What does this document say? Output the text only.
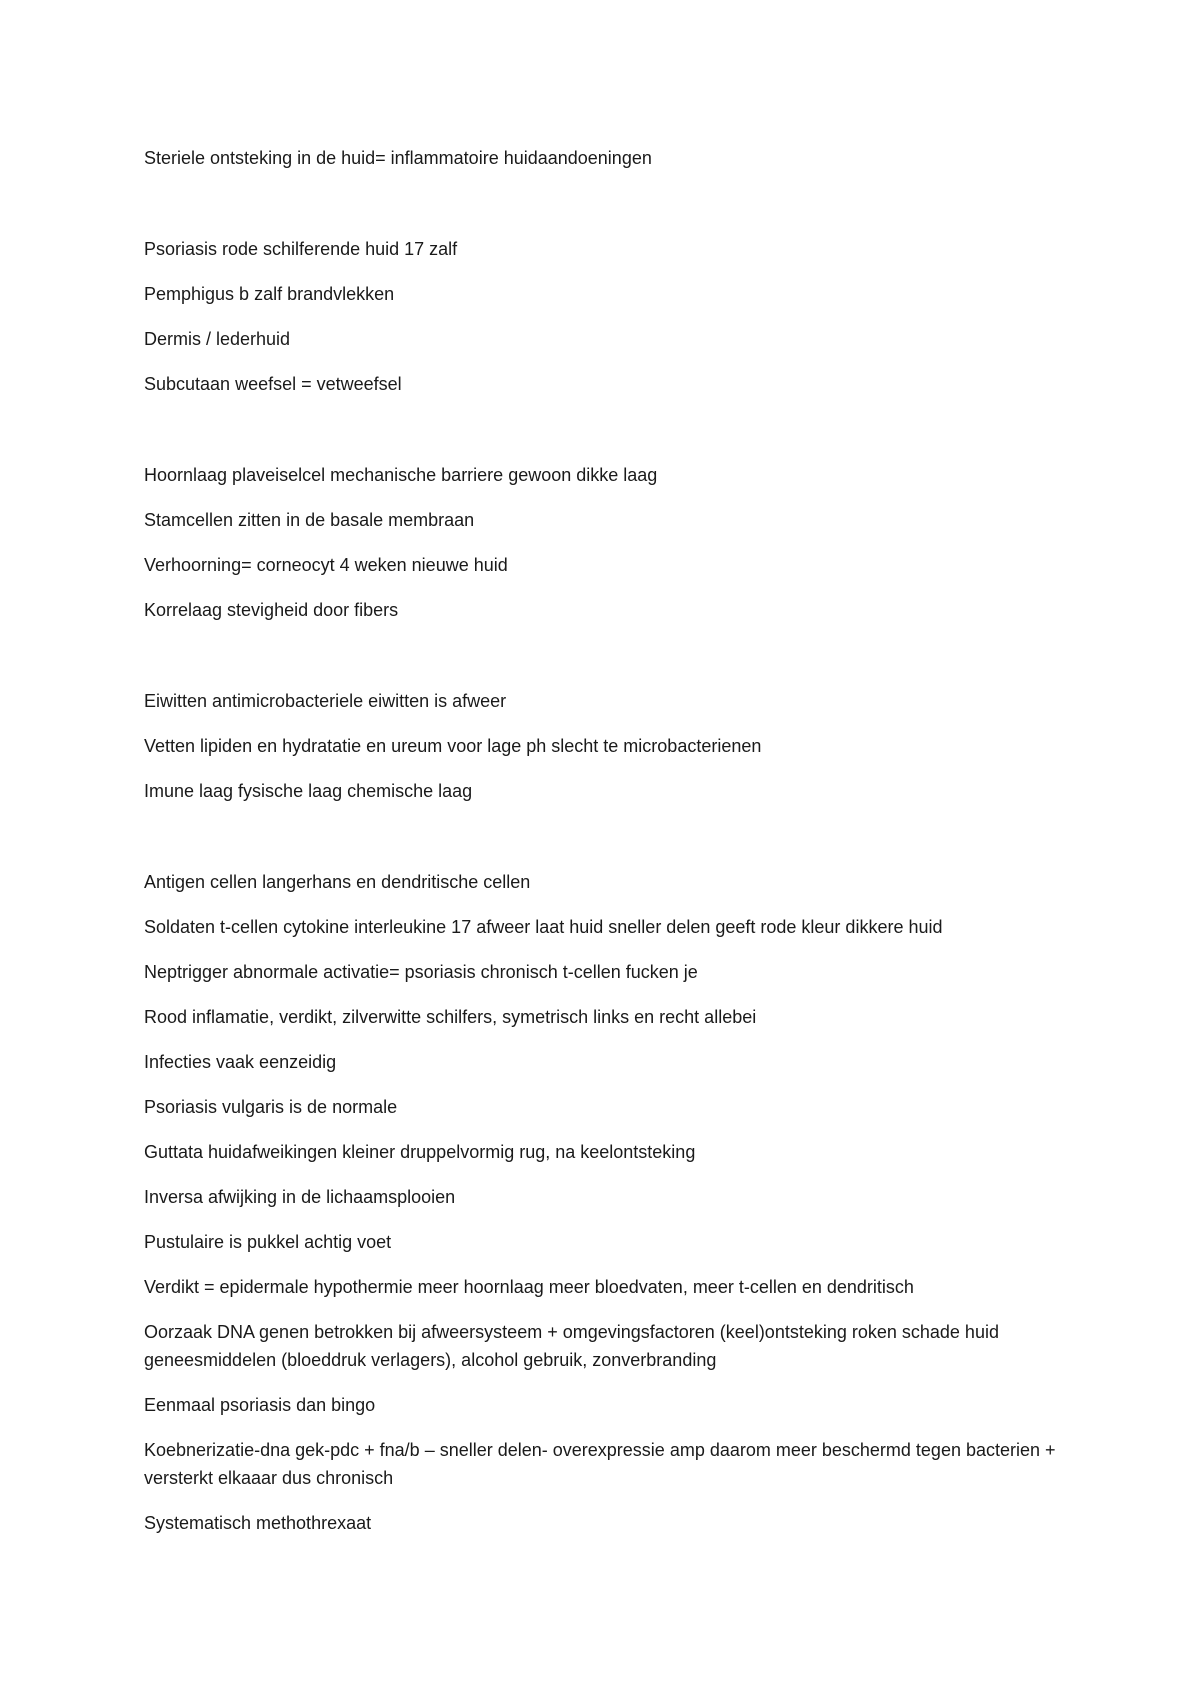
Steriele ontsteking in de huid= inflammatoire huidaandoeningen

Psoriasis rode schilferende huid 17 zalf

Pemphigus b zalf brandvlekken

Dermis / lederhuid

Subcutaan weefsel = vetweefsel

Hoornlaag plaveiselcel mechanische barriere gewoon dikke laag

Stamcellen zitten in de basale membraan

Verhoorning= corneocyt 4 weken nieuwe huid

Korrelaag stevigheid door fibers

Eiwitten antimicrobacteriele eiwitten is afweer

Vetten lipiden en hydratatie en ureum voor lage ph slecht te microbacterienen

Imune laag fysische laag chemische laag

Antigen cellen langerhans en dendritische cellen

Soldaten t-cellen cytokine interleukine 17 afweer laat huid sneller delen geeft rode kleur dikkere huid

Neptrigger abnormale activatie= psoriasis chronisch t-cellen fucken je

Rood inflamatie, verdikt, zilverwitte schilfers, symetrisch links en recht allebei

Infecties vaak eenzeidig

Psoriasis vulgaris is de normale

Guttata huidafweikingen kleiner druppelvormig rug, na keelontsteking

Inversa afwijking in de lichaamsplooien

Pustulaire is pukkel achtig voet

Verdikt = epidermale hypothermie meer hoornlaag meer bloedvaten, meer t-cellen en dendritisch

Oorzaak DNA genen betrokken bij afweersysteem + omgevingsfactoren (keel)ontsteking roken schade huid geneesmiddelen (bloeddruk verlagers), alcohol gebruik, zonverbranding

Eenmaal psoriasis dan bingo

Koebnerizatie-dna gek-pdc + fna/b – sneller delen- overexpressie amp daarom meer beschermd tegen bacterien + versterkt elkaaar dus chronisch

Systematisch methothrexaat
